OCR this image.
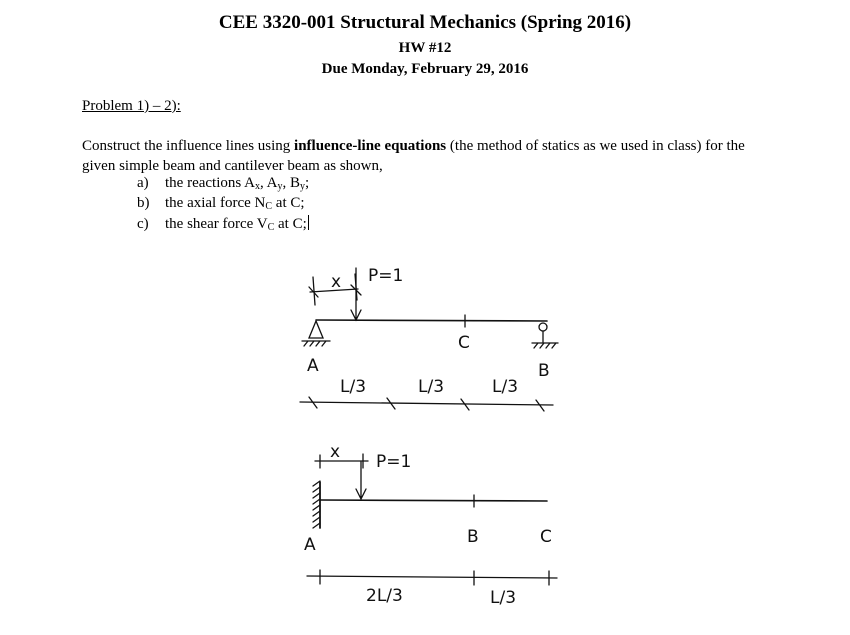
CEE 3320-001 Structural Mechanics (Spring 2016)
HW #12
Due Monday, February 29, 2016
Problem 1) – 2):
Construct the influence lines using influence-line equations (the method of statics as we used in class) for the given simple beam and cantilever beam as shown,
a) the reactions $A_x$, $A_y$, $B_y$;
b) the axial force $N_C$ at C;
c) the shear force $V_C$ at C;
x P=1
A
C
B
L/3	L/3	L/3
x P=1
A	B	C
2L/3	L/3
